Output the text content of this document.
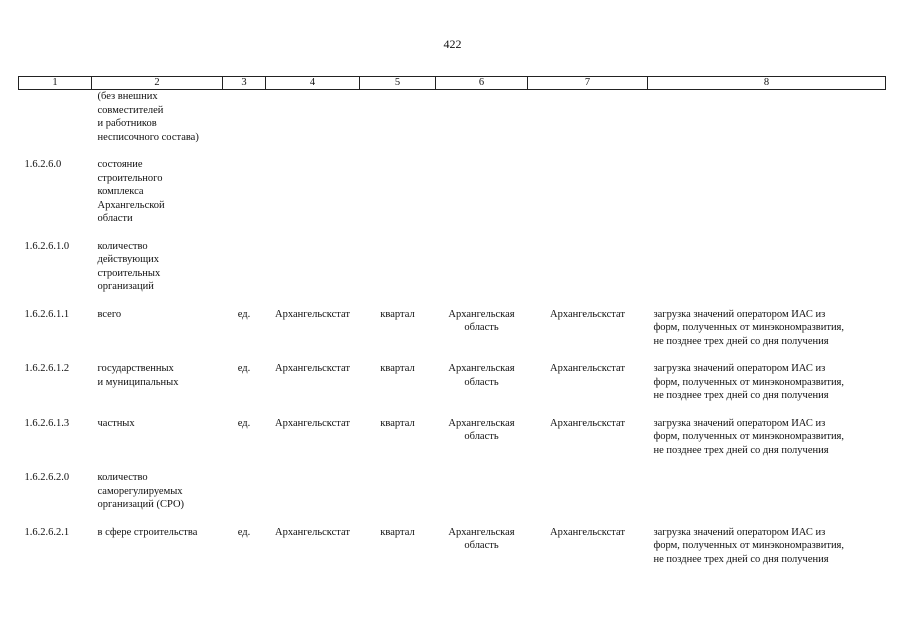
422
1	2	3	4	5	6	7	8
	(без внешних
совместителей
и работников
несписочного состава)						

1.6.2.6.0	состояние
строительного
комплекса
Архангельской
области						

1.6.2.6.1.0	количество
действующих
строительных
организаций						

1.6.2.6.1.1	всего	ед.	Архангельскстат	квартал	Архангельская
область	Архангельскстат	загрузка значений оператором ИАС из
форм, полученных от минэкономразвития,
не позднее трех дней со дня получения

1.6.2.6.1.2	государственных
и муниципальных	ед.	Архангельскстат	квартал	Архангельская
область	Архангельскстат	загрузка значений оператором ИАС из
форм, полученных от минэкономразвития,
не позднее трех дней со дня получения

1.6.2.6.1.3	частных	ед.	Архангельскстат	квартал	Архангельская
область	Архангельскстат	загрузка значений оператором ИАС из
форм, полученных от минэкономразвития,
не позднее трех дней со дня получения

1.6.2.6.2.0	количество
саморегулируемых
организаций (СРО)						

1.6.2.6.2.1	в сфере строительства	ед.	Архангельскстат	квартал	Архангельская
область	Архангельскстат	загрузка значений оператором ИАС из
форм, полученных от минэкономразвития,
не позднее трех дней со дня получения
